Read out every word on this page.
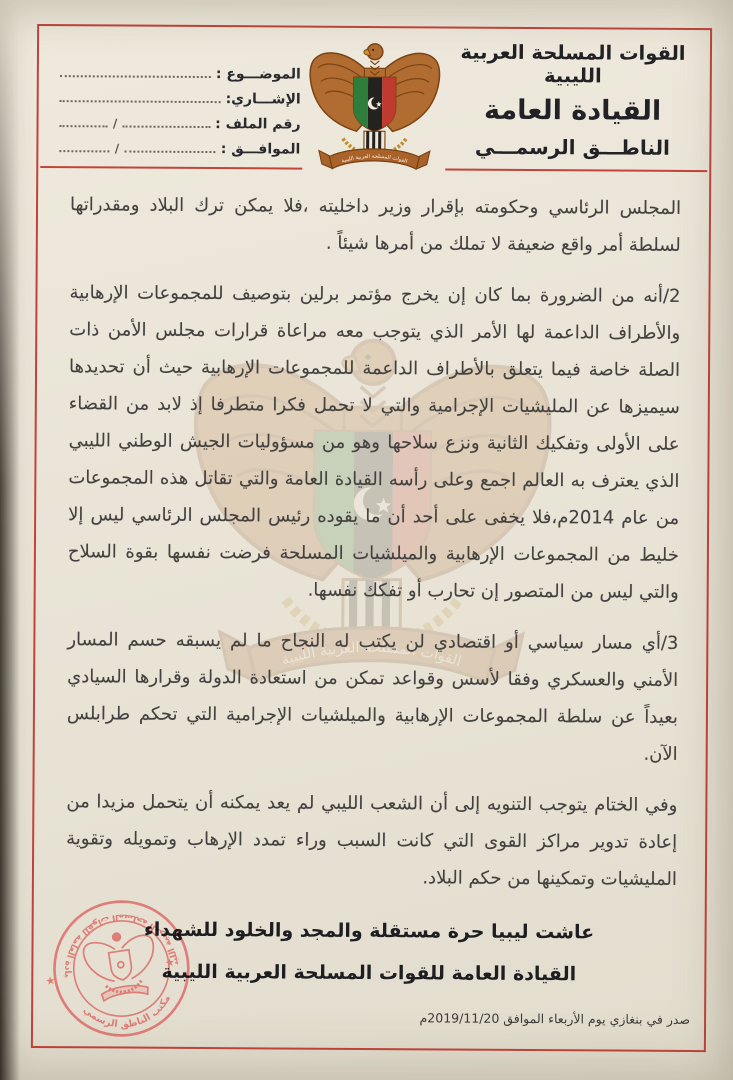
القوات المسلحة العربية الليبية
القيادة العامة
الناطـــق الرسمـــي
الموضـــوع :
الإشـــاري:
رقم الملف :
/
الموافـــق :
/

المجلس الرئاسي وحكومته بإقرار وزير داخليته ،فلا يمكن ترك البلاد ومقدراتها لسلطة أمر واقع ضعيفة لا تملك من أمرها شيئاً .

2/أنه من الضرورة بما كان إن يخرج مؤتمر برلين بتوصيف للمجموعات الإرهابية والأطراف الداعمة لها الأمر الذي يتوجب معه مراعاة قرارات مجلس الأمن ذات الصلة خاصة فيما يتعلق بالأطراف الداعمة للمجموعات الإرهابية حيث أن تحديدها سيميزها عن المليشيات الإجرامية والتي لا تحمل فكرا متطرفا إذ لابد من القضاء على الأولى وتفكيك الثانية ونزع سلاحها وهو من مسؤوليات الجيش الوطني الليبي الذي يعترف به العالم اجمع وعلى رأسه القيادة العامة والتي تقاتل هذه المجموعات من عام 2014م،فلا يخفى على أحد أن ما يقوده رئيس المجلس الرئاسي ليس إلا خليط من المجموعات الإرهابية والميلشيات المسلحة فرضت نفسها بقوة السلاح والتي ليس من المتصور إن تحارب أو تفكك نفسها.

3/أي مسار سياسي أو اقتصادي لن يكتب له النجاح ما لم يسبقه حسم المسار الأمني والعسكري وفقا لأسس وقواعد تمكن من استعادة الدولة وقرارها السيادي بعيداً عن سلطة المجموعات الإرهابية والميلشيات الإجرامية التي تحكم طرابلس الآن.

وفي الختام يتوجب التنويه إلى أن الشعب الليبي لم يعد يمكنه أن يتحمل مزيدا من إعادة تدوير مراكز القوى التي كانت السبب وراء تمدد الإرهاب وتمويله وتقوية المليشيات وتمكينها من حكم البلاد.

عاشت ليبيا حرة مستقلة والمجد والخلود للشهداء
القيادة العامة للقوات المسلحة العربية الليبية
صدر في بنغازي يوم الأربعاء الموافق 2019/11/20م
